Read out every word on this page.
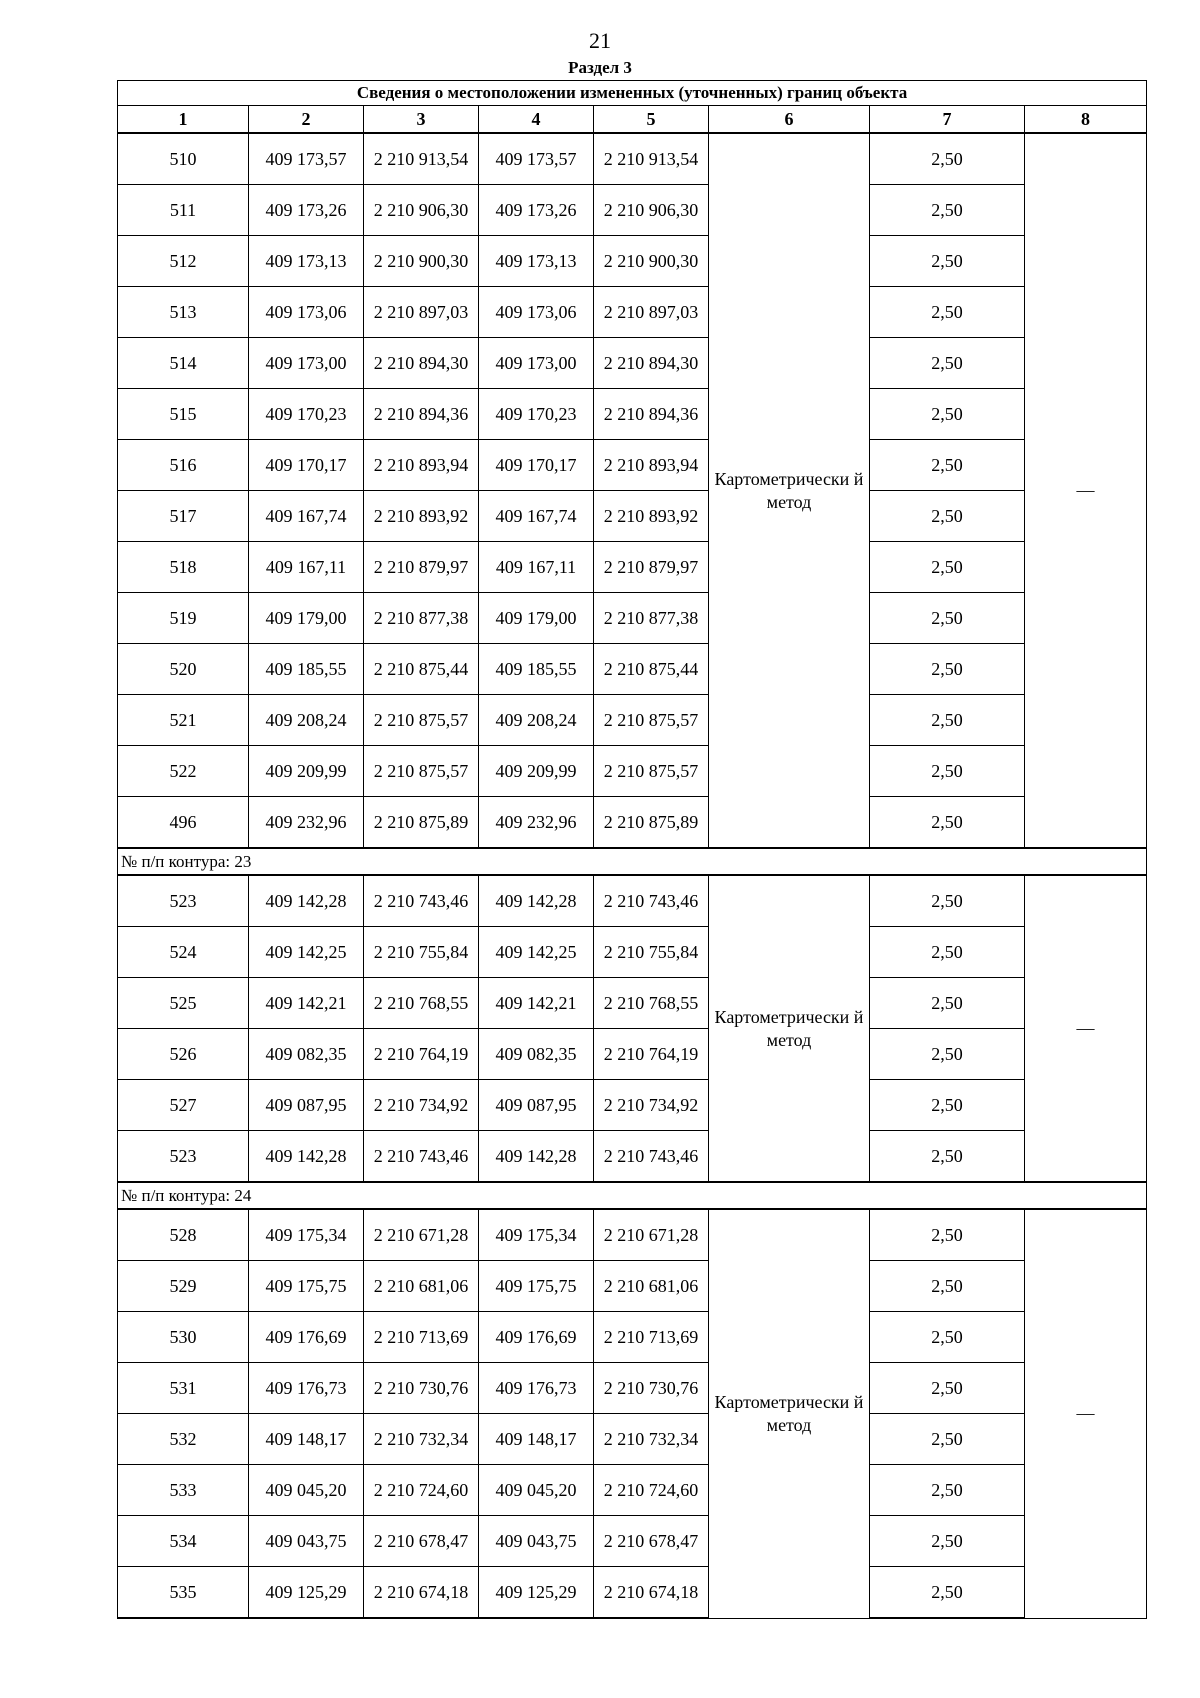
21
Раздел 3
Сведения о местоположении измененных (уточненных) границ объекта							
1	2	3	4	5	6	7	8
510	409 173,57	2 210 913,54	409 173,57	2 210 913,54	Картометрически й метод	2,50	—
511	409 173,26	2 210 906,30	409 173,26	2 210 906,30		2,50	
512	409 173,13	2 210 900,30	409 173,13	2 210 900,30		2,50	
513	409 173,06	2 210 897,03	409 173,06	2 210 897,03		2,50	
514	409 173,00	2 210 894,30	409 173,00	2 210 894,30		2,50	
515	409 170,23	2 210 894,36	409 170,23	2 210 894,36		2,50	
516	409 170,17	2 210 893,94	409 170,17	2 210 893,94		2,50	
517	409 167,74	2 210 893,92	409 167,74	2 210 893,92		2,50	
518	409 167,11	2 210 879,97	409 167,11	2 210 879,97		2,50	
519	409 179,00	2 210 877,38	409 179,00	2 210 877,38		2,50	
520	409 185,55	2 210 875,44	409 185,55	2 210 875,44		2,50	
521	409 208,24	2 210 875,57	409 208,24	2 210 875,57		2,50	
522	409 209,99	2 210 875,57	409 209,99	2 210 875,57		2,50	
496	409 232,96	2 210 875,89	409 232,96	2 210 875,89		2,50	
№ п/п контура: 23							
523	409 142,28	2 210 743,46	409 142,28	2 210 743,46	Картометрически й метод	2,50	—
524	409 142,25	2 210 755,84	409 142,25	2 210 755,84		2,50	
525	409 142,21	2 210 768,55	409 142,21	2 210 768,55		2,50	
526	409 082,35	2 210 764,19	409 082,35	2 210 764,19		2,50	
527	409 087,95	2 210 734,92	409 087,95	2 210 734,92		2,50	
523	409 142,28	2 210 743,46	409 142,28	2 210 743,46		2,50	
№ п/п контура: 24							
528	409 175,34	2 210 671,28	409 175,34	2 210 671,28	Картометрически й метод	2,50	—
529	409 175,75	2 210 681,06	409 175,75	2 210 681,06		2,50	
530	409 176,69	2 210 713,69	409 176,69	2 210 713,69		2,50	
531	409 176,73	2 210 730,76	409 176,73	2 210 730,76		2,50	
532	409 148,17	2 210 732,34	409 148,17	2 210 732,34		2,50	
533	409 045,20	2 210 724,60	409 045,20	2 210 724,60		2,50	
534	409 043,75	2 210 678,47	409 043,75	2 210 678,47		2,50	
535	409 125,29	2 210 674,18	409 125,29	2 210 674,18		2,50	
